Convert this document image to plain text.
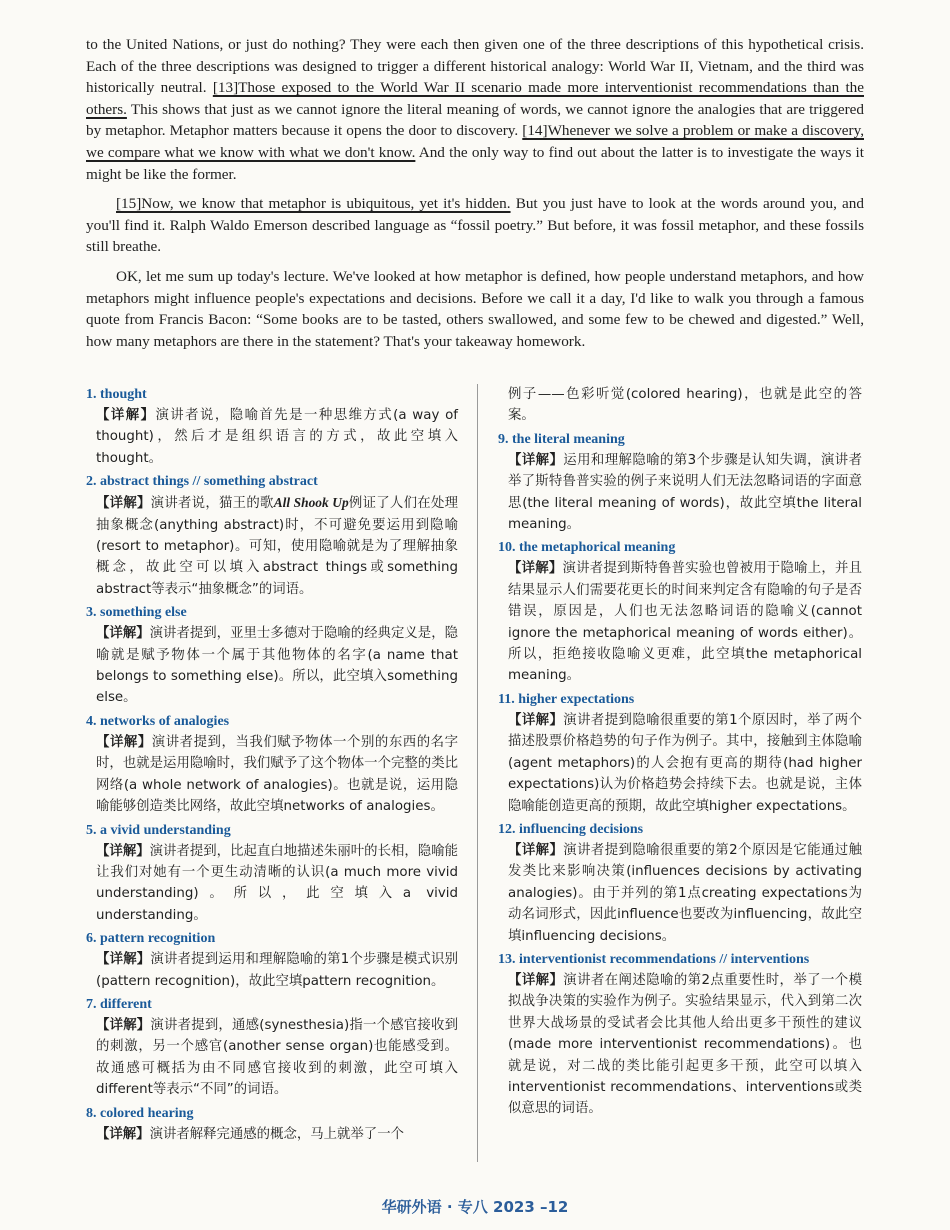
to the United Nations, or just do nothing? They were each then given one of the three descriptions of this hypothetical crisis. Each of the three descriptions was designed to trigger a different historical analogy: World War II, Vietnam, and the third was historically neutral. [13]Those exposed to the World War II scenario made more interventionist recommendations than the others. This shows that just as we cannot ignore the literal meaning of words, we cannot ignore the analogies that are triggered by metaphor. Metaphor matters because it opens the door to discovery. [14]Whenever we solve a problem or make a discovery, we compare what we know with what we don't know. And the only way to find out about the latter is to investigate the ways it might be like the former.

[15]Now, we know that metaphor is ubiquitous, yet it's hidden. But you just have to look at the words around you, and you'll find it. Ralph Waldo Emerson described language as “fossil poetry.” But before, it was fossil metaphor, and these fossils still breathe.

OK, let me sum up today's lecture. We've looked at how metaphor is defined, how people understand metaphors, and how metaphors might influence people's expectations and decisions. Before we call it a day, I'd like to walk you through a famous quote from Francis Bacon: “Some books are to be tasted, others swallowed, and some few to be chewed and digested.” Well, how many metaphors are there in the statement? That's your takeaway homework.

1. thought
【详解】演讲者说，隐喻首先是一种思维方式(a way of thought)，然后才是组织语言的方式，故此空填入thought。
2. abstract things // something abstract
【详解】演讲者说，猫王的歌All Shook Up例证了人们在处理抽象概念(anything abstract)时，不可避免要运用到隐喻(resort to metaphor)。可知，使用隐喻就是为了理解抽象概念，故此空可以填入abstract things或something abstract等表示“抽象概念”的词语。
3. something else
【详解】演讲者提到，亚里士多德对于隐喻的经典定义是，隐喻就是赋予物体一个属于其他物体的名字(a name that belongs to something else)。所以，此空填入something else。
4. networks of analogies
【详解】演讲者提到，当我们赋予物体一个别的东西的名字时，也就是运用隐喻时，我们赋予了这个物体一个完整的类比网络(a whole network of analogies)。也就是说，运用隐喻能够创造类比网络，故此空填networks of analogies。
5. a vivid understanding
【详解】演讲者提到，比起直白地描述朱丽叶的长相，隐喻能让我们对她有一个更生动清晰的认识(a much more vivid understanding)。所以，此空填入a vivid understanding。
6. pattern recognition
【详解】演讲者提到运用和理解隐喻的第1个步骤是模式识别(pattern recognition)，故此空填pattern recognition。
7. different
【详解】演讲者提到，通感(synesthesia)指一个感官接收到的刺激，另一个感官(another sense organ)也能感受到。故通感可概括为由不同感官接收到的刺激，此空可填入different等表示“不同”的词语。
8. colored hearing
【详解】演讲者解释完通感的概念，马上就举了一个
例子——色彩听觉(colored hearing)，也就是此空的答案。
9. the literal meaning
【详解】运用和理解隐喻的第3个步骤是认知失调，演讲者举了斯特鲁普实验的例子来说明人们无法忽略词语的字面意思(the literal meaning of words)，故此空填the literal meaning。
10. the metaphorical meaning
【详解】演讲者提到斯特鲁普实验也曾被用于隐喻上，并且结果显示人们需要花更长的时间来判定含有隐喻的句子是否错误，原因是，人们也无法忽略词语的隐喻义(cannot ignore the metaphorical meaning of words either)。所以，拒绝接收隐喻义更难，此空填the metaphorical meaning。
11. higher expectations
【详解】演讲者提到隐喻很重要的第1个原因时，举了两个描述股票价格趋势的句子作为例子。其中，接触到主体隐喻(agent metaphors)的人会抱有更高的期待(had higher expectations)认为价格趋势会持续下去。也就是说，主体隐喻能创造更高的预期，故此空填higher expectations。
12. influencing decisions
【详解】演讲者提到隐喻很重要的第2个原因是它能通过触发类比来影响决策(influences decisions by activating analogies)。由于并列的第1点creating expectations为动名词形式，因此influence也要改为influencing，故此空填influencing decisions。
13. interventionist recommendations // interventions
【详解】演讲者在阐述隐喻的第2点重要性时，举了一个模拟战争决策的实验作为例子。实验结果显示，代入到第二次世界大战场景的受试者会比其他人给出更多干预性的建议(made more interventionist recommendations)。也就是说，对二战的类比能引起更多干预，此空可以填入interventionist recommendations、interventions或类似意思的词语。
华研外语 · 专八 2023 –12
